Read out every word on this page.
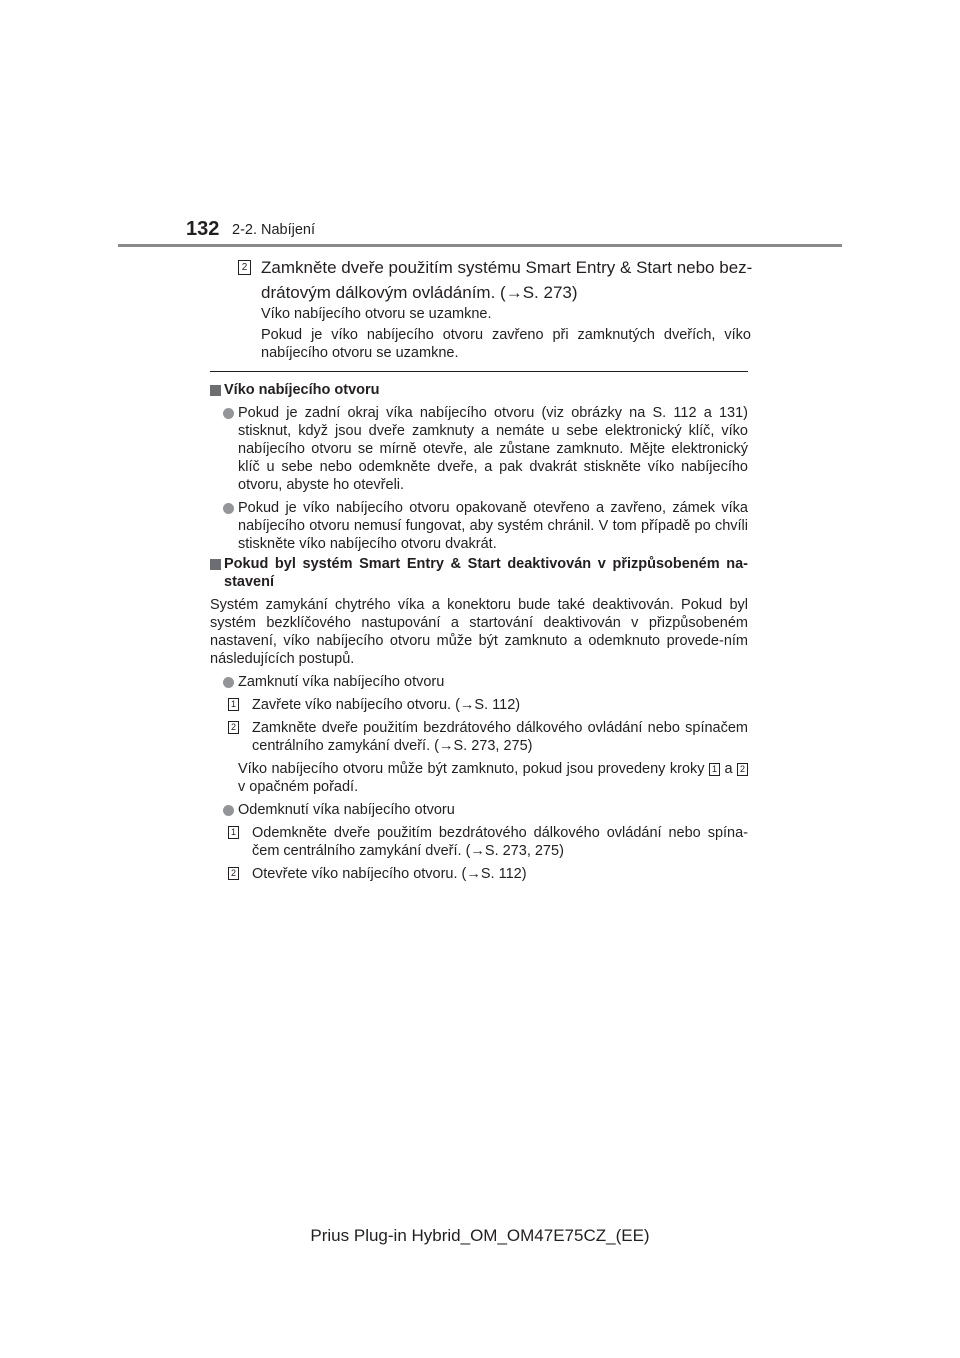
132 2-2. Nabíjení
2 Zamkněte dveře použitím systému Smart Entry & Start nebo bez-drátovým dálkovým ovládáním. (→S. 273)
Víko nabíjecího otvoru se uzamkne.
Pokud je víko nabíjecího otvoru zavřeno při zamknutých dveřích, víko nabíjecího otvoru se uzamkne.
Víko nabíjecího otvoru
Pokud je zadní okraj víka nabíjecího otvoru (viz obrázky na S. 112 a 131) stisknut, když jsou dveře zamknuty a nemáte u sebe elektronický klíč, víko nabíjecího otvoru se mírně otevře, ale zůstane zamknuto. Mějte elektronický klíč u sebe nebo odemkněte dveře, a pak dvakrát stiskněte víko nabíjecího otvoru, abyste ho otevřeli.
Pokud je víko nabíjecího otvoru opakovaně otevřeno a zavřeno, zámek víka nabíjecího otvoru nemusí fungovat, aby systém chránil. V tom případě po chvíli stiskněte víko nabíjecího otvoru dvakrát.
Pokud byl systém Smart Entry & Start deaktivován v přizpůsobeném na-stavení
Systém zamykání chytrého víka a konektoru bude také deaktivován. Pokud byl systém bezklíčového nastupování a startování deaktivován v přizpůsobeném nastavení, víko nabíjecího otvoru může být zamknuto a odemknuto provede-ním následujících postupů.
Zamknutí víka nabíjecího otvoru
1 Zavřete víko nabíjecího otvoru. (→S. 112)
2 Zamkněte dveře použitím bezdrátového dálkového ovládání nebo spínačem centrálního zamykání dveří. (→S. 273, 275)
Víko nabíjecího otvoru může být zamknuto, pokud jsou provedeny kroky 1 a 2 v opačném pořadí.
Odemknutí víka nabíjecího otvoru
1 Odemkněte dveře použitím bezdrátového dálkového ovládání nebo spína-čem centrálního zamykání dveří. (→S. 273, 275)
2 Otevřete víko nabíjecího otvoru. (→S. 112)
Prius Plug-in Hybrid_OM_OM47E75CZ_(EE)
